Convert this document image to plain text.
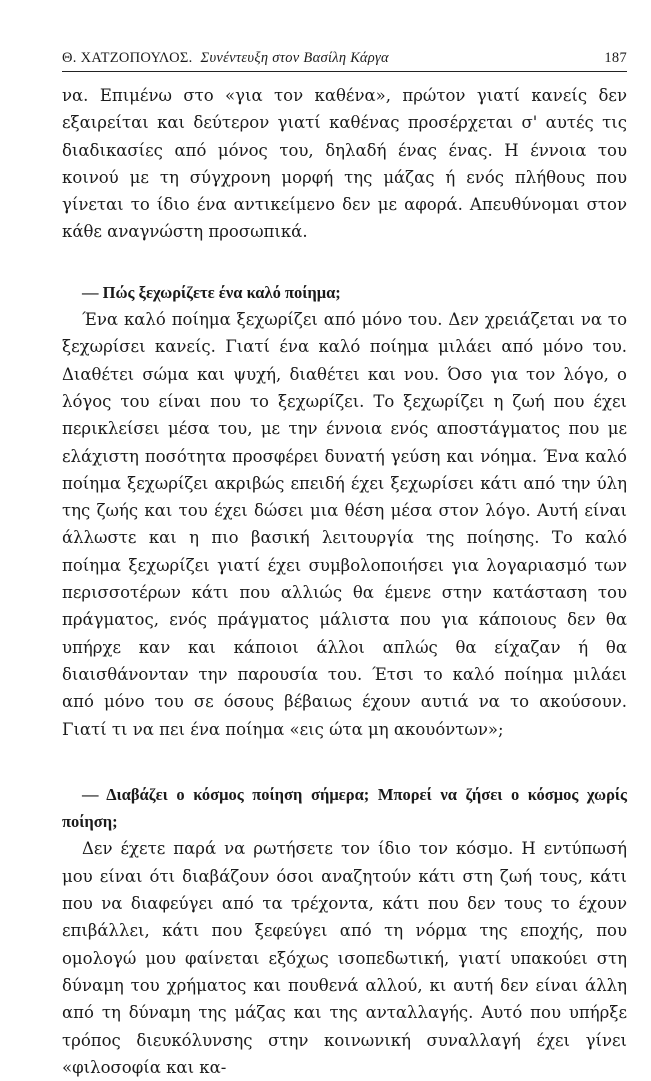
Θ. ΧΑΤΖΟΠΟΥΛΟΣ. Συνέντευξη στον Βασίλη Κάργα	187

να. Επιμένω στο «για τον καθένα», πρώτον γιατί κανείς δεν εξαιρείται και δεύτερον γιατί καθένας προσέρχεται σ' αυτές τις διαδικασίες από μόνος του, δηλαδή ένας ένας. Η έννοια του κοινού με τη σύγχρονη μορφή της μάζας ή ενός πλήθους που γίνεται το ίδιο ένα αντικείμενο δεν με αφορά. Απευθύνομαι στον κάθε αναγνώστη προσωπικά.

— Πώς ξεχωρίζετε ένα καλό ποίημα;

Ένα καλό ποίημα ξεχωρίζει από μόνο του. Δεν χρειάζεται να το ξεχωρίσει κανείς. Γιατί ένα καλό ποίημα μιλάει από μόνο του. Διαθέτει σώμα και ψυχή, διαθέτει και νου. Όσο για τον λόγο, ο λόγος του είναι που το ξεχωρίζει. Το ξεχωρίζει η ζωή που έχει περικλείσει μέσα του, με την έννοια ενός αποστάγματος που με ελάχιστη ποσότητα προσφέρει δυνατή γεύση και νόημα. Ένα καλό ποίημα ξεχωρίζει ακριβώς επειδή έχει ξεχωρίσει κάτι από την ύλη της ζωής και του έχει δώσει μια θέση μέσα στον λόγο. Αυτή είναι άλλωστε και η πιο βασική λειτουργία της ποίησης. Το καλό ποίημα ξεχωρίζει γιατί έχει συμβολοποιήσει για λογαριασμό των περισσοτέρων κάτι που αλλιώς θα έμενε στην κατάσταση του πράγματος, ενός πράγματος μάλιστα που για κάποιους δεν θα υπήρχε καν και κάποιοι άλλοι απλώς θα είχαζαν ή θα διαισθάνονταν την παρουσία του. Έτσι το καλό ποίημα μιλάει από μόνο του σε όσους βέβαιως έχουν αυτιά να το ακούσουν. Γιατί τι να πει ένα ποίημα «εις ώτα μη ακουόντων»;

— Διαβάζει ο κόσμος ποίηση σήμερα; Μπορεί να ζήσει ο κόσμος χωρίς ποίηση;

Δεν έχετε παρά να ρωτήσετε τον ίδιο τον κόσμο. Η εντύπωσή μου είναι ότι διαβάζουν όσοι αναζητούν κάτι στη ζωή τους, κάτι που να διαφεύγει από τα τρέχοντα, κάτι που δεν τους το έχουν επιβάλλει, κάτι που ξεφεύγει από τη νόρμα της εποχής, που ομολογώ μου φαίνεται εξόχως ισοπεδωτική, γιατί υπακούει στη δύναμη του χρήματος και πουθενά αλλού, κι αυτή δεν είναι άλλη από τη δύναμη της μάζας και της ανταλλαγής. Αυτό που υπήρξε τρόπος διευκόλυνσης στην κοινωνική συναλλαγή έχει γίνει «φιλοσοφία και κα-
